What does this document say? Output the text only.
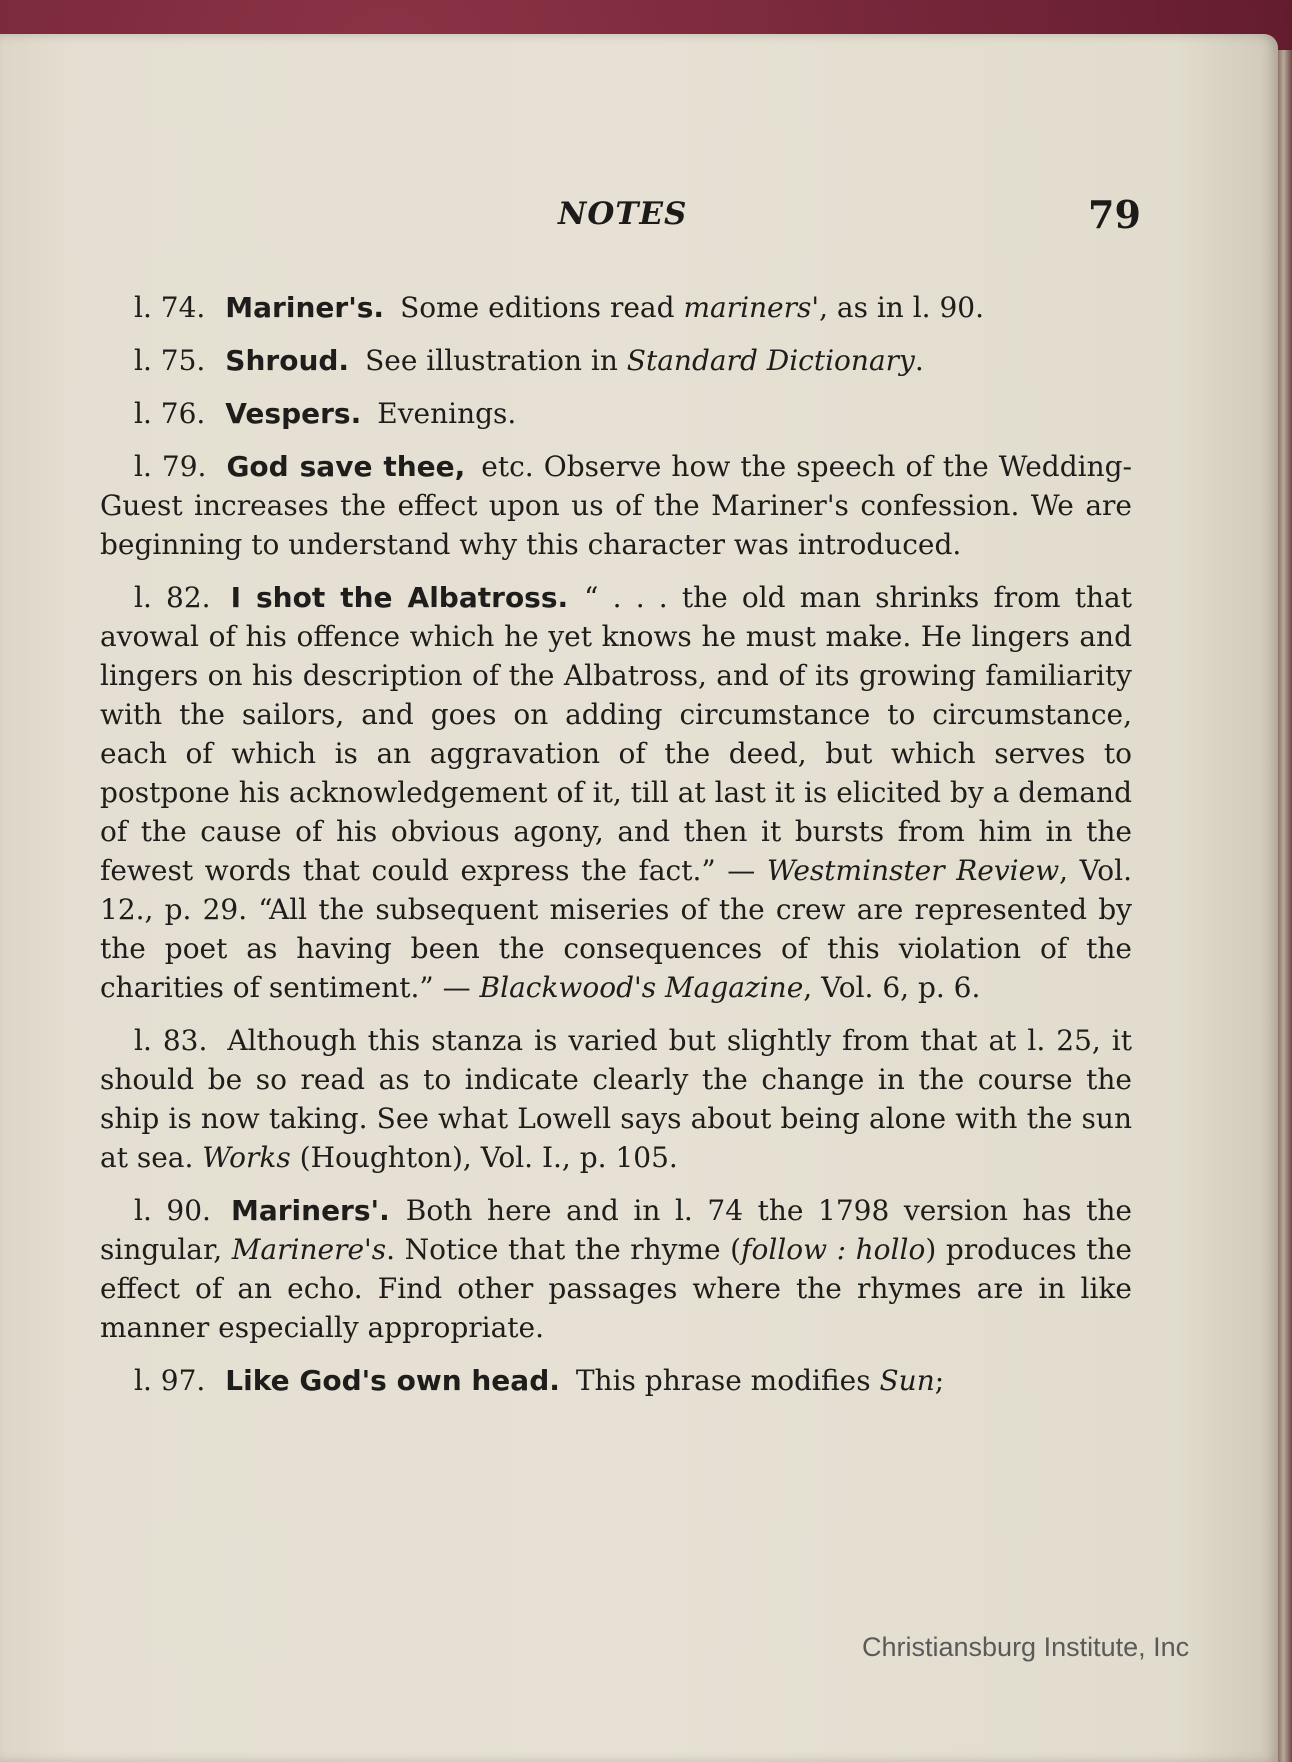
NOTES	79

l. 74. Mariner's. Some editions read mariners', as in l. 90.

l. 75. Shroud. See illustration in Standard Dictionary.

l. 76. Vespers. Evenings.

l. 79. God save thee, etc. Observe how the speech of the Wedding-Guest increases the effect upon us of the Mariner's confession. We are beginning to understand why this character was introduced.

l. 82. I shot the Albatross. “ . . . the old man shrinks from that avowal of his offence which he yet knows he must make. He lingers and lingers on his description of the Albatross, and of its growing familiarity with the sailors, and goes on adding circumstance to circumstance, each of which is an aggravation of the deed, but which serves to postpone his acknowledgement of it, till at last it is elicited by a demand of the cause of his obvious agony, and then it bursts from him in the fewest words that could express the fact.” — Westminster Review, Vol. 12., p. 29. “All the subsequent miseries of the crew are represented by the poet as having been the consequences of this violation of the charities of sentiment.” — Blackwood's Magazine, Vol. 6, p. 6.

l. 83. Although this stanza is varied but slightly from that at l. 25, it should be so read as to indicate clearly the change in the course the ship is now taking. See what Lowell says about being alone with the sun at sea. Works (Houghton), Vol. I., p. 105.

l. 90. Mariners'. Both here and in l. 74 the 1798 version has the singular, Marinere's. Notice that the rhyme (follow : hollo) produces the effect of an echo. Find other passages where the rhymes are in like manner especially appropriate.

l. 97. Like God's own head. This phrase modifies Sun;

Christiansburg Institute, Inc
